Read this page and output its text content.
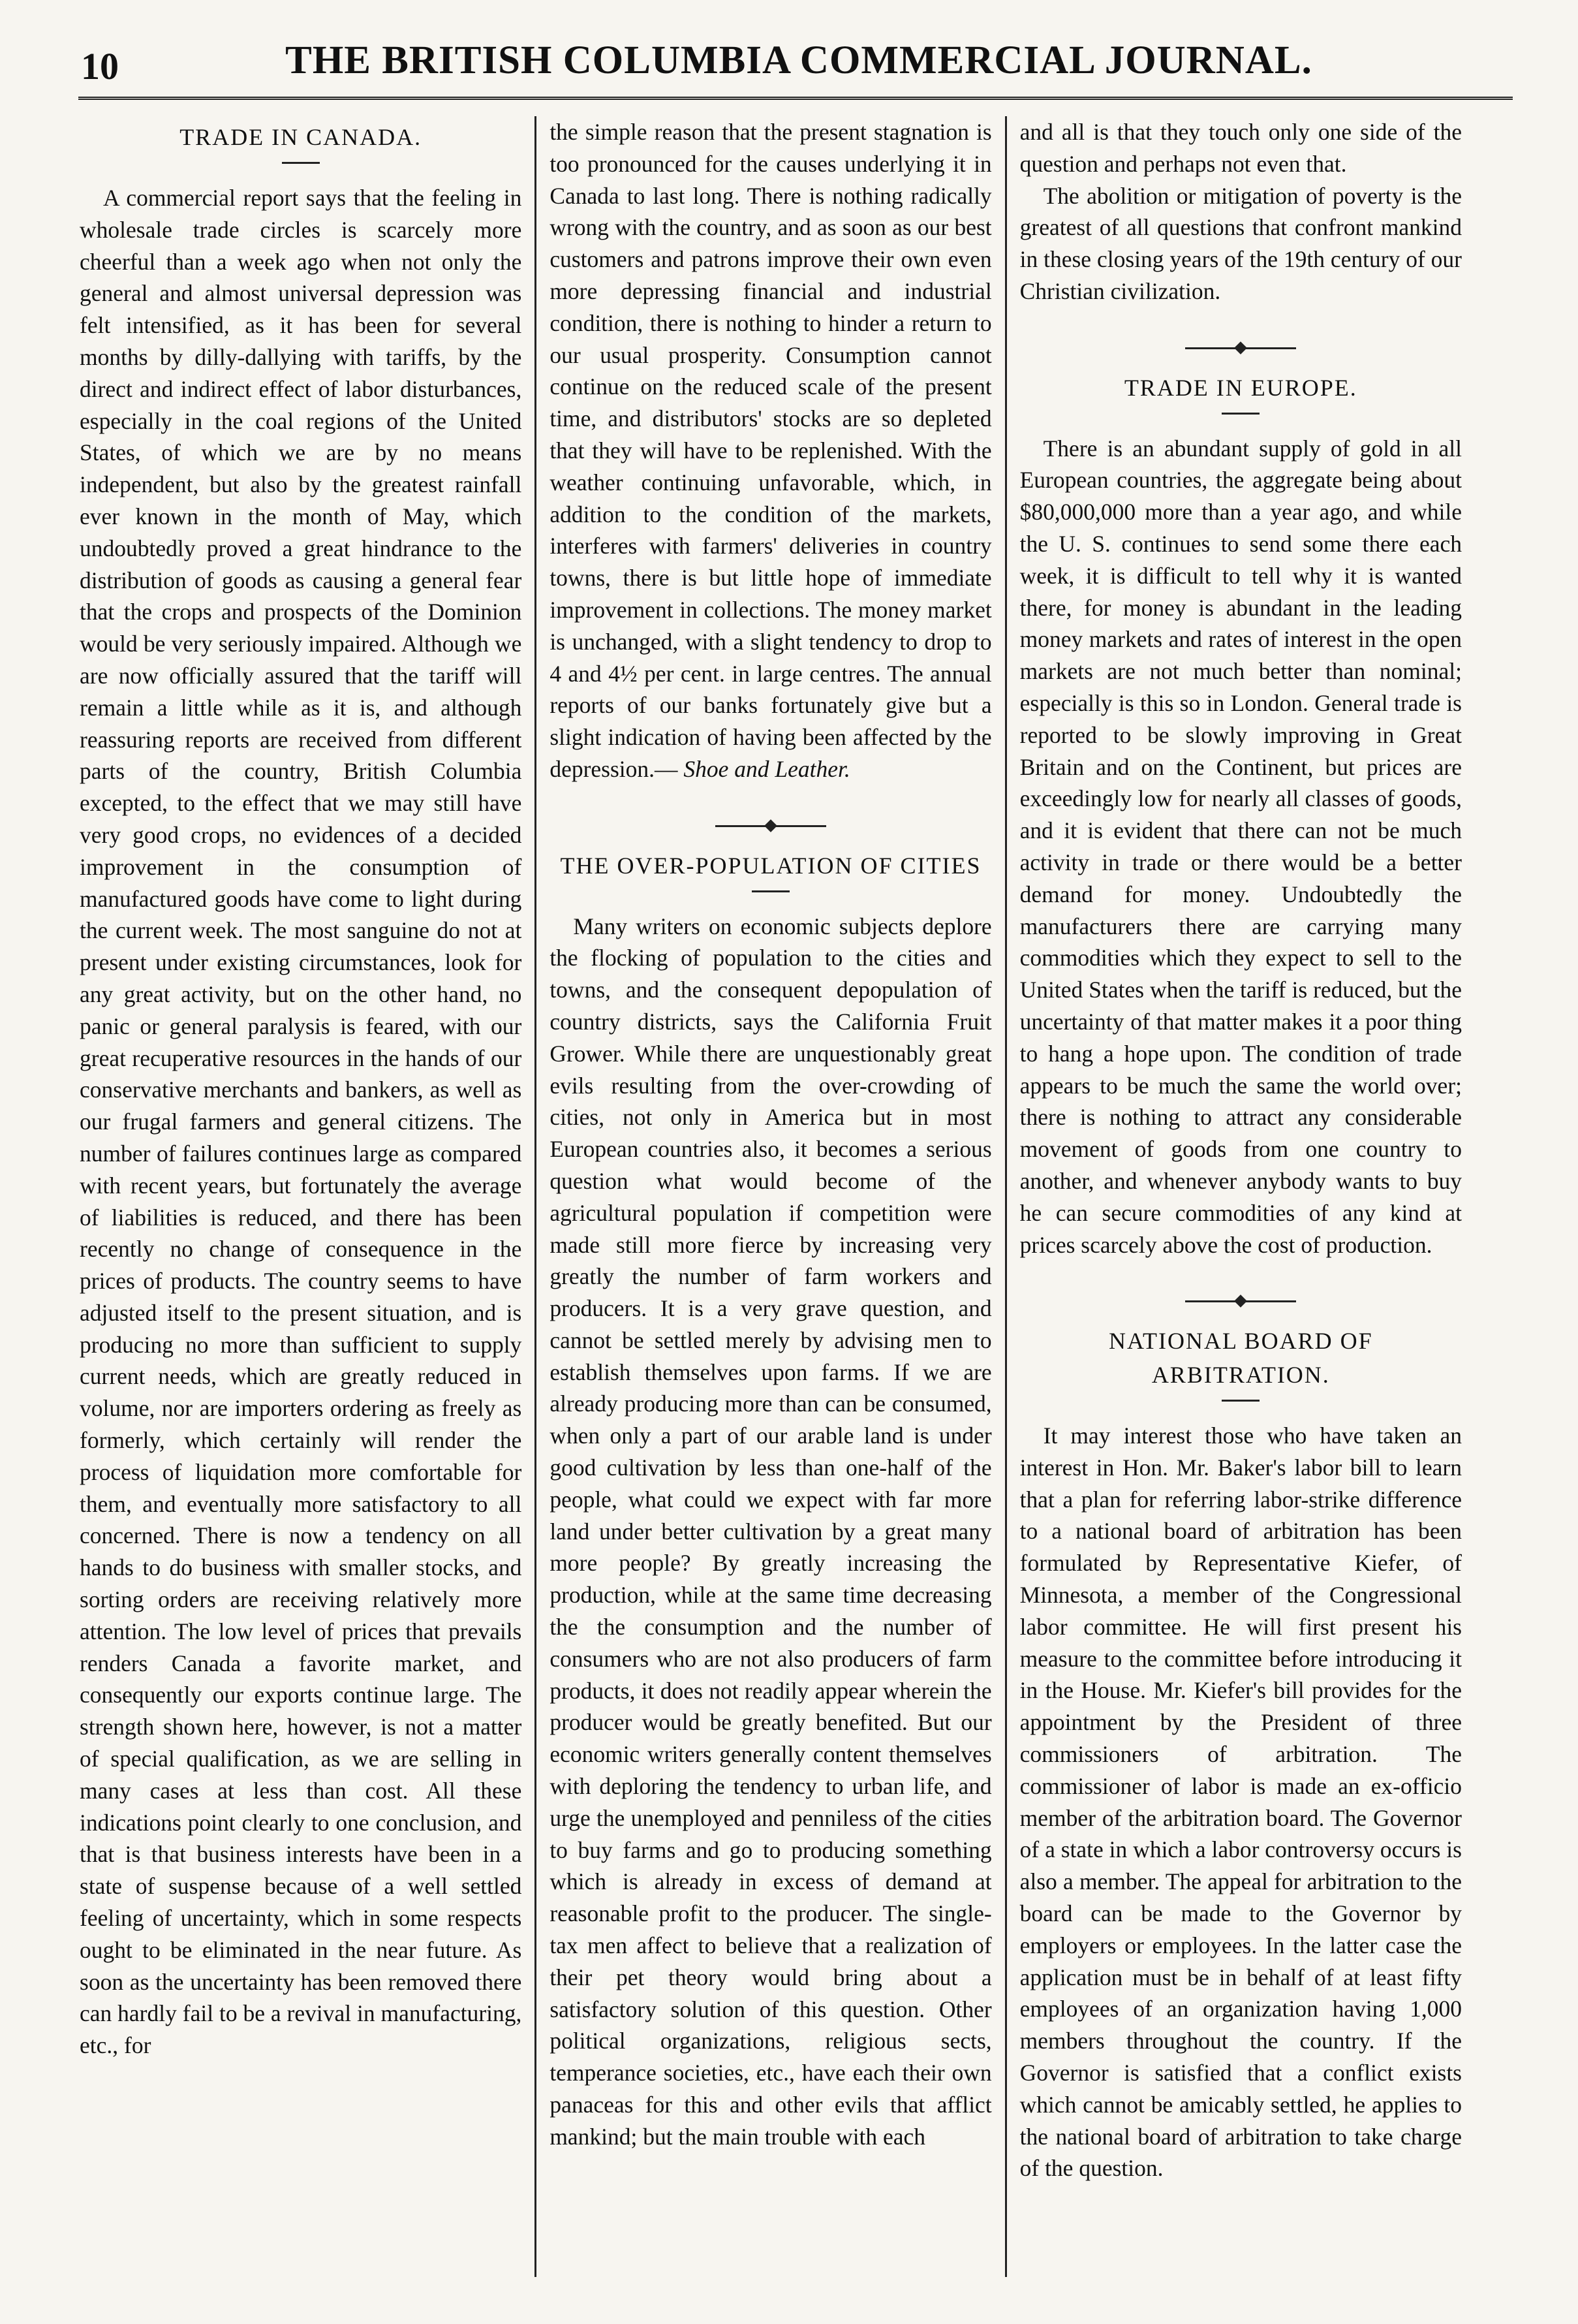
10	THE BRITISH COLUMBIA COMMERCIAL JOURNAL.
TRADE IN CANADA.

A commercial report says that the feeling in wholesale trade circles is scarcely more cheerful than a week ago when not only the general and almost universal depression was felt intensified, as it has been for several months by dilly-dallying with tariffs, by the direct and indirect effect of labor disturbances, especially in the coal regions of the United States, of which we are by no means independent, but also by the greatest rainfall ever known in the month of May, which undoubtedly proved a great hindrance to the distribution of goods as causing a general fear that the crops and prospects of the Dominion would be very seriously impaired. Although we are now officially assured that the tariff will remain a little while as it is, and although reassuring reports are received from different parts of the country, British Columbia excepted, to the effect that we may still have very good crops, no evidences of a decided improvement in the consumption of manufactured goods have come to light during the current week. The most sanguine do not at present under existing circumstances, look for any great activity, but on the other hand, no panic or general paralysis is feared, with our great recuperative resources in the hands of our conservative merchants and bankers, as well as our frugal farmers and general citizens. The number of failures continues large as compared with recent years, but fortunately the average of liabilities is reduced, and there has been recently no change of consequence in the prices of products. The country seems to have adjusted itself to the present situation, and is producing no more than sufficient to supply current needs, which are greatly reduced in volume, nor are importers ordering as freely as formerly, which certainly will render the process of liquidation more comfortable for them, and eventually more satisfactory to all concerned. There is now a tendency on all hands to do business with smaller stocks, and sorting orders are receiving relatively more attention. The low level of prices that prevails renders Canada a favorite market, and consequently our exports continue large. The strength shown here, however, is not a matter of special qualification, as we are selling in many cases at less than cost. All these indications point clearly to one conclusion, and that is that business interests have been in a state of suspense because of a well settled feeling of uncertainty, which in some respects ought to be eliminated in the near future. As soon as the uncertainty has been removed there can hardly fail to be a revival in manufacturing, etc., for

the simple reason that the present stagnation is too pronounced for the causes underlying it in Canada to last long. There is nothing radically wrong with the country, and as soon as our best customers and patrons improve their own even more depressing financial and industrial condition, there is nothing to hinder a return to our usual prosperity. Consumption cannot continue on the reduced scale of the present time, and distributors' stocks are so depleted that they will have to be replenished. With the weather continuing unfavorable, which, in addition to the condition of the markets, interferes with farmers' deliveries in country towns, there is but little hope of immediate improvement in collections. The money market is unchanged, with a slight tendency to drop to 4 and 4½ per cent. in large centres. The annual reports of our banks fortunately give but a slight indication of having been affected by the depression.— Shoe and Leather.

THE OVER-POPULATION OF CITIES

Many writers on economic subjects deplore the flocking of population to the cities and towns, and the consequent depopulation of country districts, says the California Fruit Grower. While there are unquestionably great evils resulting from the over-crowding of cities, not only in America but in most European countries also, it becomes a serious question what would become of the agricultural population if competition were made still more fierce by increasing very greatly the number of farm workers and producers. It is a very grave question, and cannot be settled merely by advising men to establish themselves upon farms. If we are already producing more than can be consumed, when only a part of our arable land is under good cultivation by less than one-half of the people, what could we expect with far more land under better cultivation by a great many more people? By greatly increasing the production, while at the same time decreasing the the consumption and the number of consumers who are not also producers of farm products, it does not readily appear wherein the producer would be greatly benefited. But our economic writers generally content themselves with deploring the tendency to urban life, and urge the unemployed and penniless of the cities to buy farms and go to producing something which is already in excess of demand at reasonable profit to the producer. The single-tax men affect to believe that a realization of their pet theory would bring about a satisfactory solution of this question. Other political organizations, religious sects, temperance societies, etc., have each their own panaceas for this and other evils that afflict mankind; but the main trouble with each

and all is that they touch only one side of the question and perhaps not even that.

The abolition or mitigation of poverty is the greatest of all questions that confront mankind in these closing years of the 19th century of our Christian civilization.

TRADE IN EUROPE.

There is an abundant supply of gold in all European countries, the aggregate being about $80,000,000 more than a year ago, and while the U. S. continues to send some there each week, it is difficult to tell why it is wanted there, for money is abundant in the leading money markets and rates of interest in the open markets are not much better than nominal; especially is this so in London. General trade is reported to be slowly improving in Great Britain and on the Continent, but prices are exceedingly low for nearly all classes of goods, and it is evident that there can not be much activity in trade or there would be a better demand for money. Undoubtedly the manufacturers there are carrying many commodities which they expect to sell to the United States when the tariff is reduced, but the uncertainty of that matter makes it a poor thing to hang a hope upon. The condition of trade appears to be much the same the world over; there is nothing to attract any considerable movement of goods from one country to another, and whenever anybody wants to buy he can secure commodities of any kind at prices scarcely above the cost of production.

NATIONAL BOARD OF ARBITRATION.

It may interest those who have taken an interest in Hon. Mr. Baker's labor bill to learn that a plan for referring labor-strike difference to a national board of arbitration has been formulated by Representative Kiefer, of Minnesota, a member of the Congressional labor committee. He will first present his measure to the committee before introducing it in the House. Mr. Kiefer's bill provides for the appointment by the President of three commissioners of arbitration. The commissioner of labor is made an ex-officio member of the arbitration board. The Governor of a state in which a labor controversy occurs is also a member. The appeal for arbitration to the board can be made to the Governor by employers or employees. In the latter case the application must be in behalf of at least fifty employees of an organization having 1,000 members throughout the country. If the Governor is satisfied that a conflict exists which cannot be amicably settled, he applies to the national board of arbitration to take charge of the question.
